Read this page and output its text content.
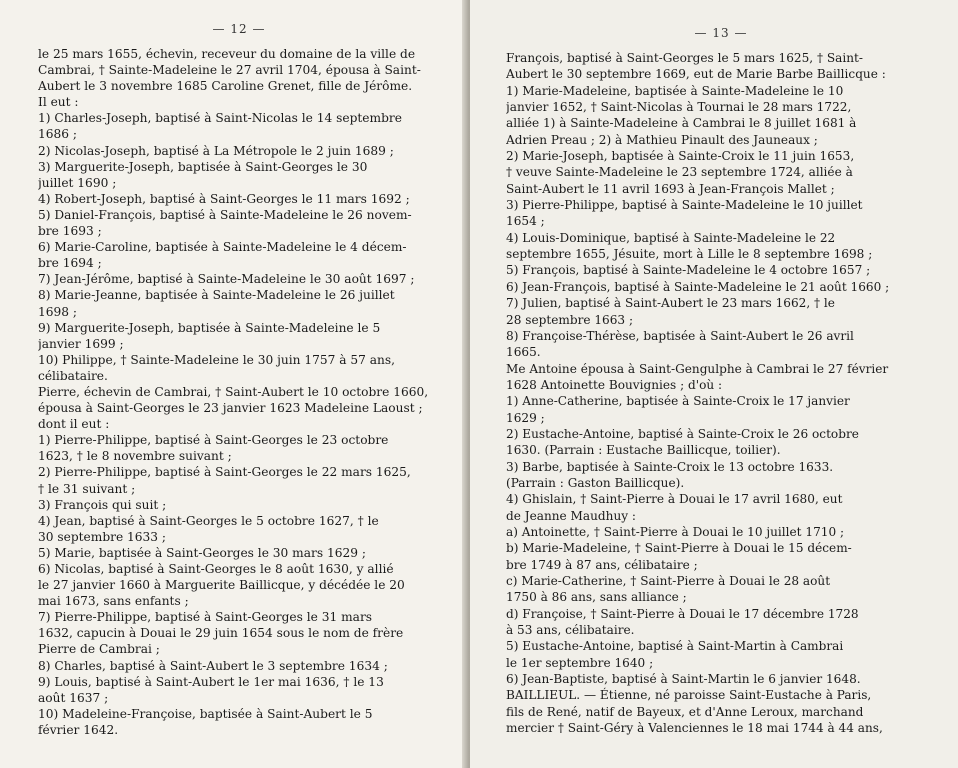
— 12 —
le 25 mars 1655, échevin, receveur du domaine de la ville de
Cambrai, † Sainte-Madeleine le 27 avril 1704, épousa à Saint-
Aubert le 3 novembre 1685 Caroline Grenet, fille de Jérôme.
Il eut :
1) Charles-Joseph, baptisé à Saint-Nicolas le 14 septembre
1686 ;
2) Nicolas-Joseph, baptisé à La Métropole le 2 juin 1689 ;
3) Marguerite-Joseph, baptisée à Saint-Georges le 30
juillet 1690 ;
4) Robert-Joseph, baptisé à Saint-Georges le 11 mars 1692 ;
5) Daniel-François, baptisé à Sainte-Madeleine le 26 novem-
bre 1693 ;
6) Marie-Caroline, baptisée à Sainte-Madeleine le 4 décem-
bre 1694 ;
7) Jean-Jérôme, baptisé à Sainte-Madeleine le 30 août 1697 ;
8) Marie-Jeanne, baptisée à Sainte-Madeleine le 26 juillet
1698 ;
9) Marguerite-Joseph, baptisée à Sainte-Madeleine le 5
janvier 1699 ;
10) Philippe, † Sainte-Madeleine le 30 juin 1757 à 57 ans,
célibataire.
Pierre, échevin de Cambrai, † Saint-Aubert le 10 octobre 1660,
épousa à Saint-Georges le 23 janvier 1623 Madeleine Laoust ;
dont il eut :
1) Pierre-Philippe, baptisé à Saint-Georges le 23 octobre
1623, † le 8 novembre suivant ;
2) Pierre-Philippe, baptisé à Saint-Georges le 22 mars 1625,
† le 31 suivant ;
3) François qui suit ;
4) Jean, baptisé à Saint-Georges le 5 octobre 1627, † le
30 septembre 1633 ;
5) Marie, baptisée à Saint-Georges le 30 mars 1629 ;
6) Nicolas, baptisé à Saint-Georges le 8 août 1630, y allié
le 27 janvier 1660 à Marguerite Baillicque, y décédée le 20
mai 1673, sans enfants ;
7) Pierre-Philippe, baptisé à Saint-Georges le 31 mars
1632, capucin à Douai le 29 juin 1654 sous le nom de frère
Pierre de Cambrai ;
8) Charles, baptisé à Saint-Aubert le 3 septembre 1634 ;
9) Louis, baptisé à Saint-Aubert le 1er mai 1636, † le 13
août 1637 ;
10) Madeleine-Françoise, baptisée à Saint-Aubert le 5
février 1642.
— 13 —
François, baptisé à Saint-Georges le 5 mars 1625, † Saint-
Aubert le 30 septembre 1669, eut de Marie Barbe Baillicque :
1) Marie-Madeleine, baptisée à Sainte-Madeleine le 10
janvier 1652, † Saint-Nicolas à Tournai le 28 mars 1722,
alliée 1) à Sainte-Madeleine à Cambrai le 8 juillet 1681 à
Adrien Preau ; 2) à Mathieu Pinault des Jauneaux ;
2) Marie-Joseph, baptisée à Sainte-Croix le 11 juin 1653,
† veuve Sainte-Madeleine le 23 septembre 1724, alliée à
Saint-Aubert le 11 avril 1693 à Jean-François Mallet ;
3) Pierre-Philippe, baptisé à Sainte-Madeleine le 10 juillet
1654 ;
4) Louis-Dominique, baptisé à Sainte-Madeleine le 22
septembre 1655, Jésuite, mort à Lille le 8 septembre 1698 ;
5) François, baptisé à Sainte-Madeleine le 4 octobre 1657 ;
6) Jean-François, baptisé à Sainte-Madeleine le 21 août 1660 ;
7) Julien, baptisé à Saint-Aubert le 23 mars 1662, † le
28 septembre 1663 ;
8) Françoise-Thérèse, baptisée à Saint-Aubert le 26 avril
1665.
Me Antoine épousa à Saint-Gengulphe à Cambrai le 27 février
1628 Antoinette Bouvignies ; d'où :
1) Anne-Catherine, baptisée à Sainte-Croix le 17 janvier
1629 ;
2) Eustache-Antoine, baptisé à Sainte-Croix le 26 octobre
1630. (Parrain : Eustache Baillicque, toilier).
3) Barbe, baptisée à Sainte-Croix le 13 octobre 1633.
(Parrain : Gaston Baillicque).
4) Ghislain, † Saint-Pierre à Douai le 17 avril 1680, eut
de Jeanne Maudhuy :
a) Antoinette, † Saint-Pierre à Douai le 10 juillet 1710 ;
b) Marie-Madeleine, † Saint-Pierre à Douai le 15 décem-
bre 1749 à 87 ans, célibataire ;
c) Marie-Catherine, † Saint-Pierre à Douai le 28 août
1750 à 86 ans, sans alliance ;
d) Françoise, † Saint-Pierre à Douai le 17 décembre 1728
à 53 ans, célibataire.
5) Eustache-Antoine, baptisé à Saint-Martin à Cambrai
le 1er septembre 1640 ;
6) Jean-Baptiste, baptisé à Saint-Martin le 6 janvier 1648.
BAILLIEUL. — Étienne, né paroisse Saint-Eustache à Paris,
fils de René, natif de Bayeux, et d'Anne Leroux, marchand
mercier † Saint-Géry à Valenciennes le 18 mai 1744 à 44 ans,
